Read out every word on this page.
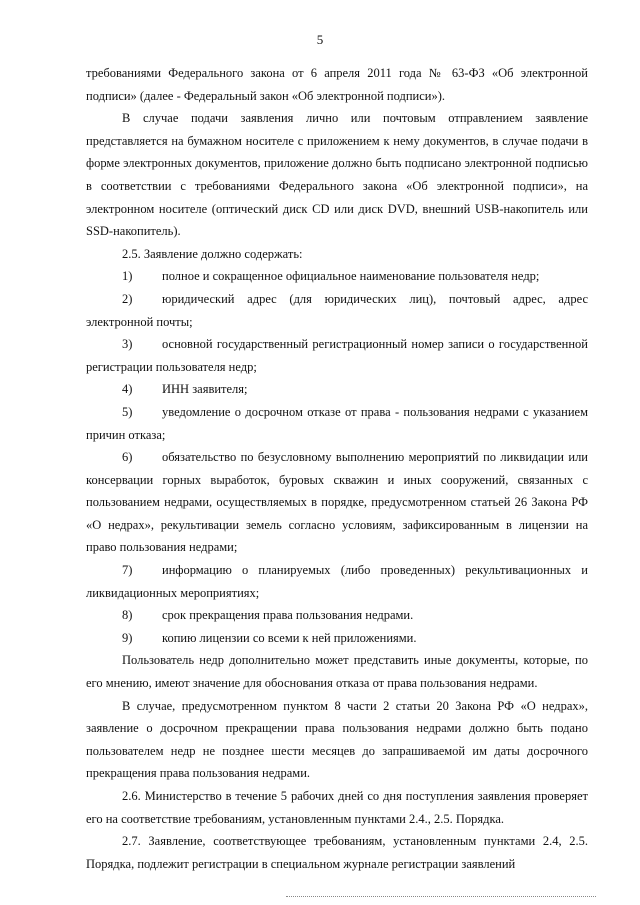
5

требованиями Федерального закона от 6 апреля 2011 года № 63-ФЗ «Об электронной подписи» (далее - Федеральный закон «Об электронной подписи»).

В случае подачи заявления лично или почтовым отправлением заявление представляется на бумажном носителе с приложением к нему документов, в случае подачи в форме электронных документов, приложение должно быть подписано электронной подписью в соответствии с требованиями Федерального закона «Об электронной подписи», на электронном носителе (оптический диск CD или диск DVD, внешний USB-накопитель или SSD-накопитель).

2.5. Заявление должно содержать:

1) полное и сокращенное официальное наименование пользователя недр;

2) юридический адрес (для юридических лиц), почтовый адрес, адрес электронной почты;

3) основной государственный регистрационный номер записи о государственной регистрации пользователя недр;

4) ИНН заявителя;

5) уведомление о досрочном отказе от права - пользования недрами с указанием причин отказа;

6) обязательство по безусловному выполнению мероприятий по ликвидации или консервации горных выработок, буровых скважин и иных сооружений, связанных с пользованием недрами, осуществляемых в порядке, предусмотренном статьей 26 Закона РФ «О недрах», рекультивации земель согласно условиям, зафиксированным в лицензии на право пользования недрами;

7) информацию о планируемых (либо проведенных) рекультивационных и ликвидационных мероприятиях;

8) срок прекращения права пользования недрами.

9) копию лицензии со всеми к ней приложениями.

Пользователь недр дополнительно может представить иные документы, которые, по его мнению, имеют значение для обоснования отказа от права пользования недрами.

В случае, предусмотренном пунктом 8 части 2 статьи 20 Закона РФ «О недрах», заявление о досрочном прекращении права пользования недрами должно быть подано пользователем недр не позднее шести месяцев до запрашиваемой им даты досрочного прекращения права пользования недрами.

2.6. Министерство в течение 5 рабочих дней со дня поступления заявления проверяет его на соответствие требованиям, установленным пунктами 2.4., 2.5. Порядка.

2.7. Заявление, соответствующее требованиям, установленным пунктами 2.4, 2.5. Порядка, подлежит регистрации в специальном журнале регистрации заявлений
